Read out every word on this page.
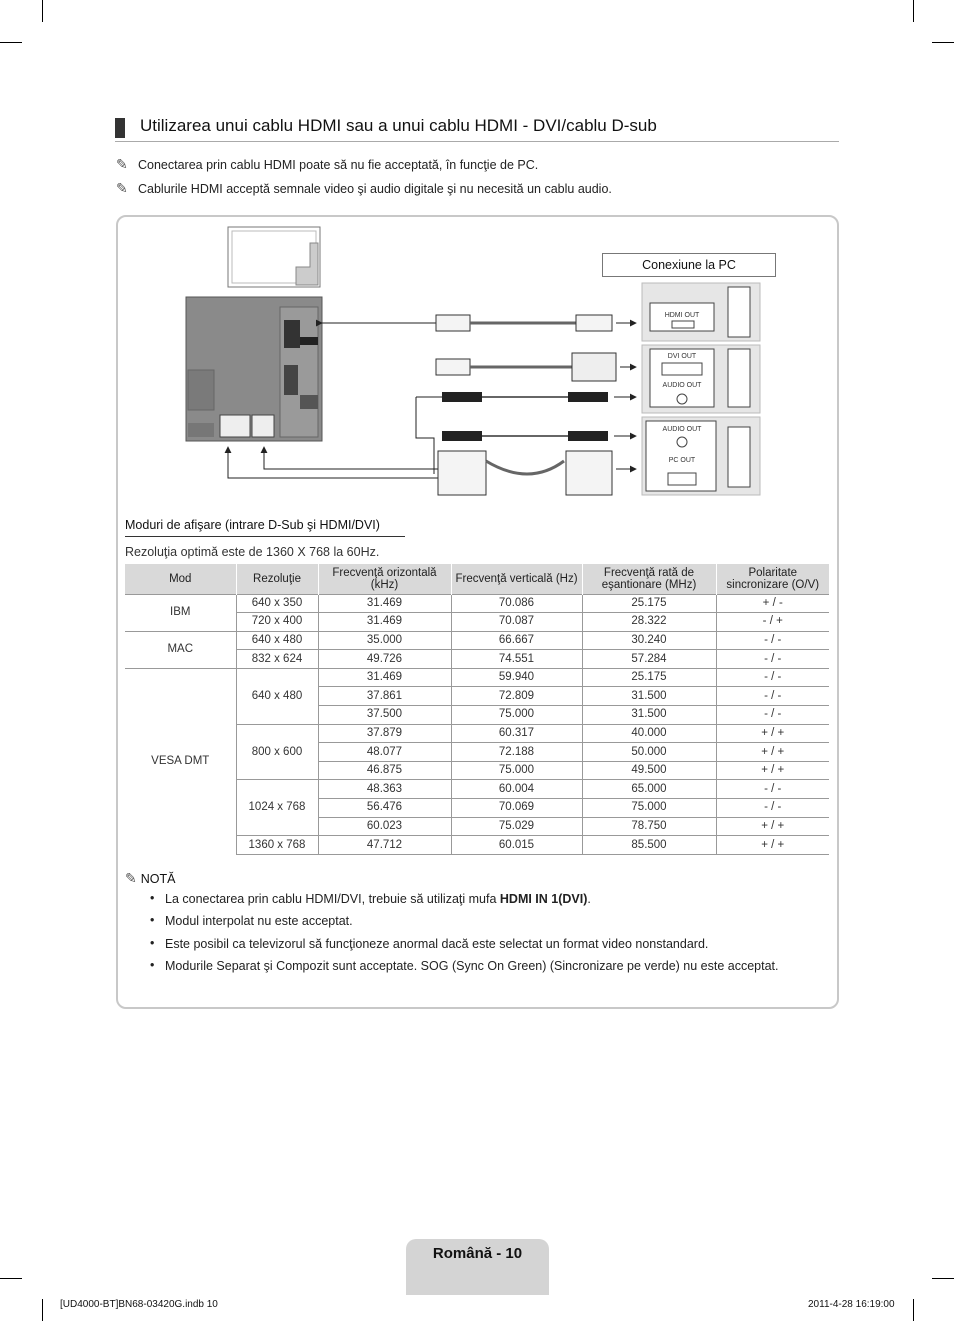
Utilizarea unui cablu HDMI sau a unui cablu HDMI - DVI/cablu D-sub
✎ Conectarea prin cablu HDMI poate să nu fie acceptată, în funcţie de PC.
✎ Cablurile HDMI acceptă semnale video şi audio digitale şi nu necesită un cablu audio.
HDMI OUT
DVI OUT
AUDIO OUT
AUDIO OUT
PC OUT
Conexiune la PC
Moduri de afişare (intrare D-Sub şi HDMI/DVI)
Rezoluţia optimă este de 1360 X 768 la 60Hz.
Mod	Rezoluţie	Frecvenţă orizontală (kHz)	Frecvenţă verticală (Hz)	Frecvenţă rată de eşantionare (MHz)	Polaritate sincronizare (O/V)
IBM	640 x 350	31.469	70.086	25.175	+ / -
	720 x 400	31.469	70.087	28.322	- / +
MAC	640 x 480	35.000	66.667	30.240	- / -
	832 x 624	49.726	74.551	57.284	- / -
VESA DMT	640 x 480	31.469	59.940	25.175	- / -
		37.861	72.809	31.500	- / -
		37.500	75.000	31.500	- / -
	800 x 600	37.879	60.317	40.000	+ / +
		48.077	72.188	50.000	+ / +
		46.875	75.000	49.500	+ / +
	1024 x 768	48.363	60.004	65.000	- / -
		56.476	70.069	75.000	- / -
		60.023	75.029	78.750	+ / +
	1360 x 768	47.712	60.015	85.500	+ / +
✎ NOTĂ
• La conectarea prin cablu HDMI/DVI, trebuie să utilizaţi mufa HDMI IN 1(DVI).
• Modul interpolat nu este acceptat.
• Este posibil ca televizorul să funcţioneze anormal dacă este selectat un format video nonstandard.
• Modurile Separat şi Compozit sunt acceptate. SOG (Sync On Green) (Sincronizare pe verde) nu este acceptat.
Română - 10
[UD4000-BT]BN68-03420G.indb 10	2011-4-28 16:19:00
